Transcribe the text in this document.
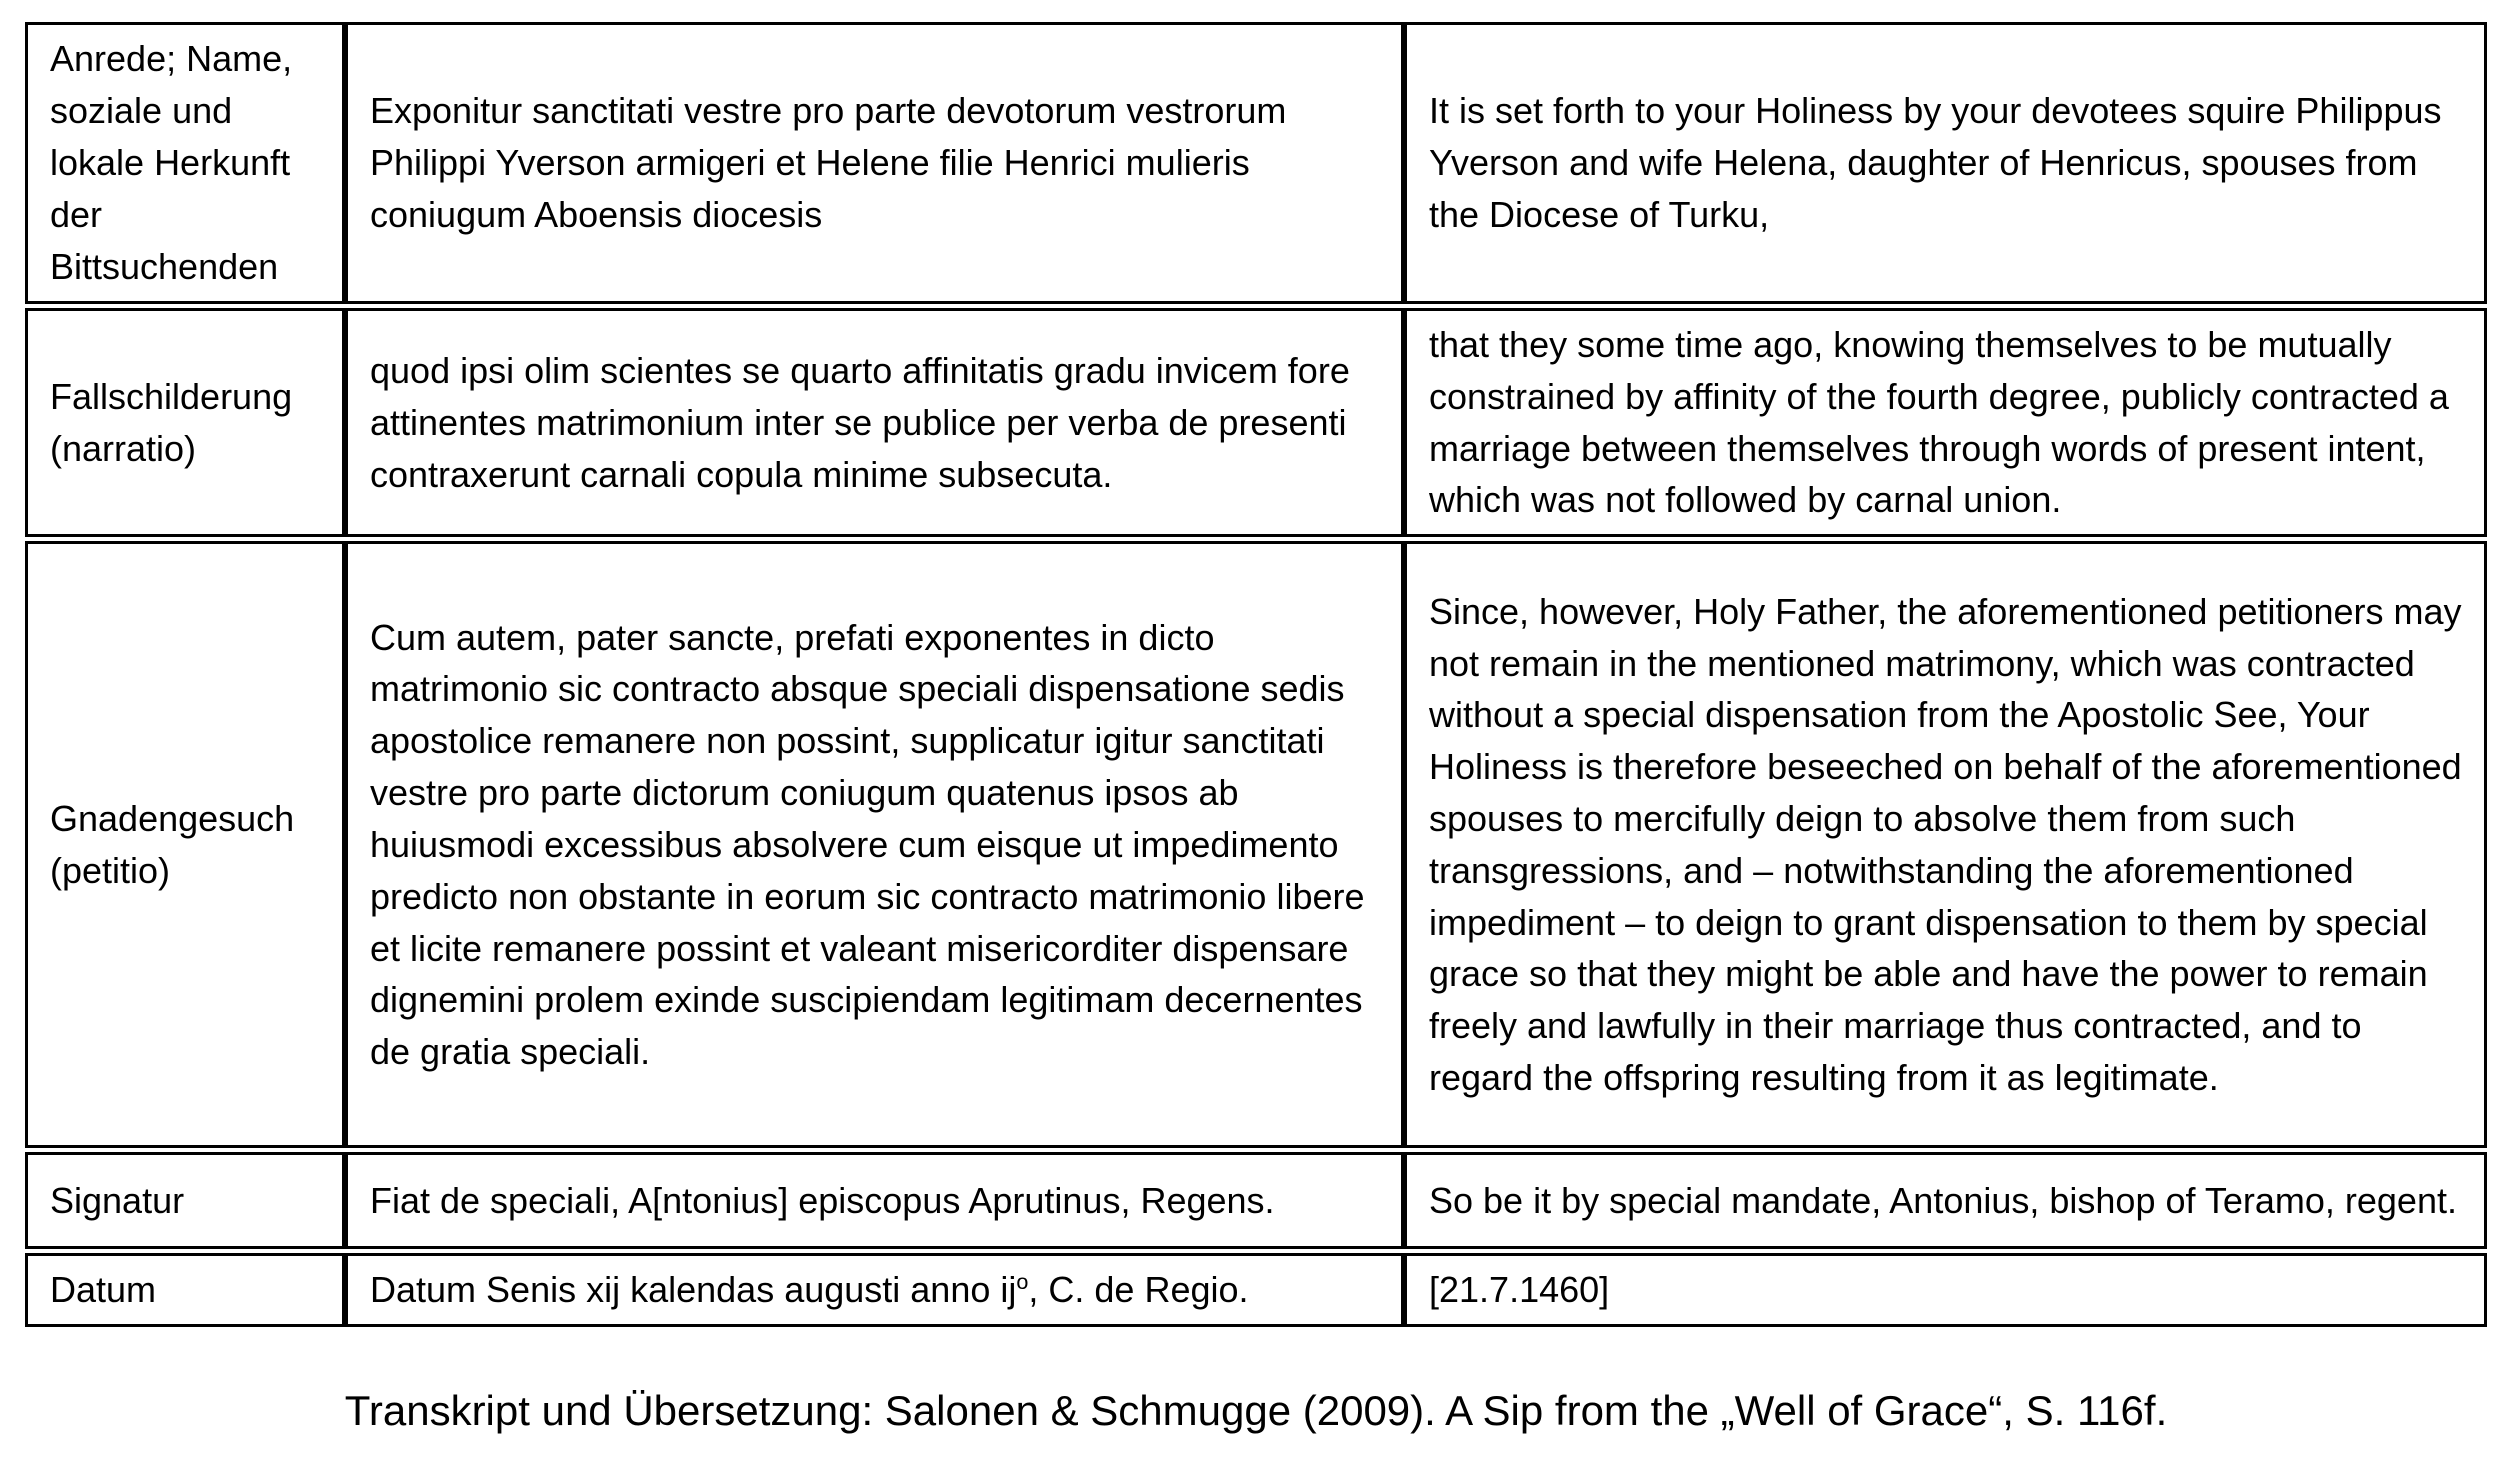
Anrede; Name, soziale und lokale Herkunft der Bittsuchenden	Exponitur sanctitati vestre pro parte devotorum vestrorum Philippi Yverson armigeri et Helene filie Henrici mulieris coniugum Aboensis diocesis	It is set forth to your Holiness by your devotees squire Philippus Yverson and wife Helena, daughter of Henricus, spouses from the Diocese of Turku,
Fallschilderung (narratio)	quod ipsi olim scientes se quarto affinitatis gradu invicem fore attinentes matrimonium inter se publice per verba de presenti contraxerunt carnali copula minime subsecuta.	that they some time ago, knowing themselves to be mutually constrained by affinity of the fourth degree, publicly contracted a marriage between themselves through words of present intent, which was not followed by carnal union.
Gnadengesuch (petitio)	Cum autem, pater sancte, prefati exponentes in dicto matrimonio sic contracto absque speciali dispensatione sedis apostolice remanere non possint, supplicatur igitur sanctitati vestre pro parte dictorum coniugum quatenus ipsos ab huiusmodi excessibus absolvere cum eisque ut impedimento predicto non obstante in eorum sic contracto matrimonio libere et licite remanere possint et valeant misericorditer dispensare dignemini prolem exinde suscipiendam legitimam decernentes de gratia speciali.	Since, however, Holy Father, the aforementioned petitioners may not remain in the mentioned matrimony, which was contracted without a special dispensation from the Apostolic See, Your Holiness is therefore beseeched on behalf of the aforementioned spouses to mercifully deign to absolve them from such transgressions, and – notwithstanding the aforementioned impediment – to deign to grant dispensation to them by special grace so that they might be able and have the power to remain freely and lawfully in their marriage thus contracted, and to regard the offspring resulting from it as legitimate.
Signatur	Fiat de speciali, A[ntonius] episcopus Aprutinus, Regens.	So be it by special mandate, Antonius, bishop of Teramo, regent.
Datum	Datum Senis xij kalendas augusti anno $ij^o$, C. de Regio.	[21.7.1460]
Transkript und Übersetzung: Salonen & Schmugge (2009). A Sip from the „Well of Grace“, S. 116f.
